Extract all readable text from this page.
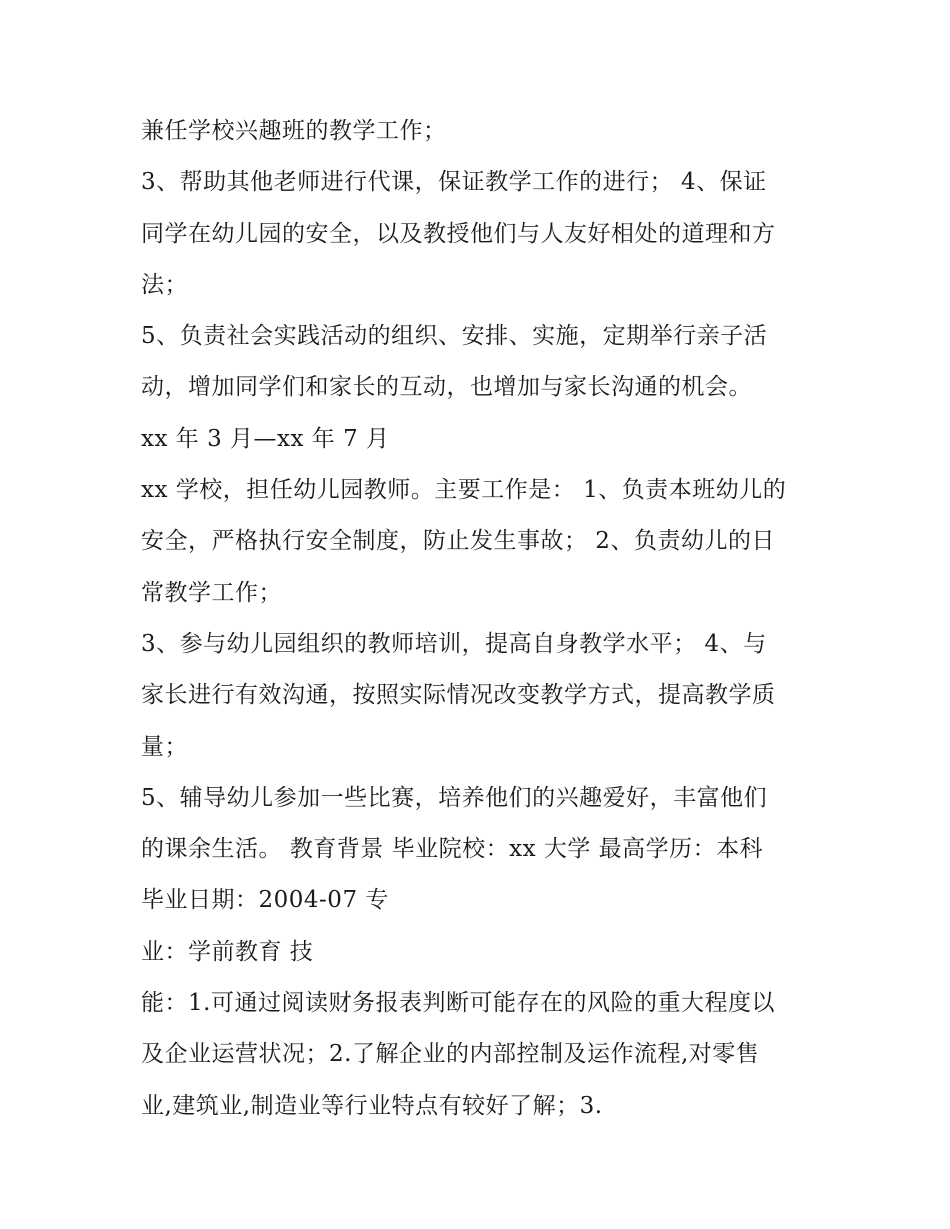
兼任学校兴趣班的教学工作；
3、帮助其他老师进行代课，保证教学工作的进行； 4、保证
同学在幼儿园的安全，以及教授他们与人友好相处的道理和方
法；
5、负责社会实践活动的组织、安排、实施，定期举行亲子活
动，增加同学们和家长的互动，也增加与家长沟通的机会。
xx 年 3 月—xx 年 7 月
xx 学校，担任幼儿园教师。主要工作是： 1、负责本班幼儿的
安全，严格执行安全制度，防止发生事故； 2、负责幼儿的日
常教学工作；
3、参与幼儿园组织的教师培训，提高自身教学水平； 4、与
家长进行有效沟通，按照实际情况改变教学方式，提高教学质
量；
5、辅导幼儿参加一些比赛，培养他们的兴趣爱好，丰富他们
的课余生活。 教育背景 毕业院校：xx 大学 最高学历：本科
毕业日期：2004-07 专
业：学前教育 技
能：1.可通过阅读财务报表判断可能存在的风险的重大程度以
及企业运营状况；2.了解企业的内部控制及运作流程,对零售
业,建筑业,制造业等行业特点有较好了解；3.
